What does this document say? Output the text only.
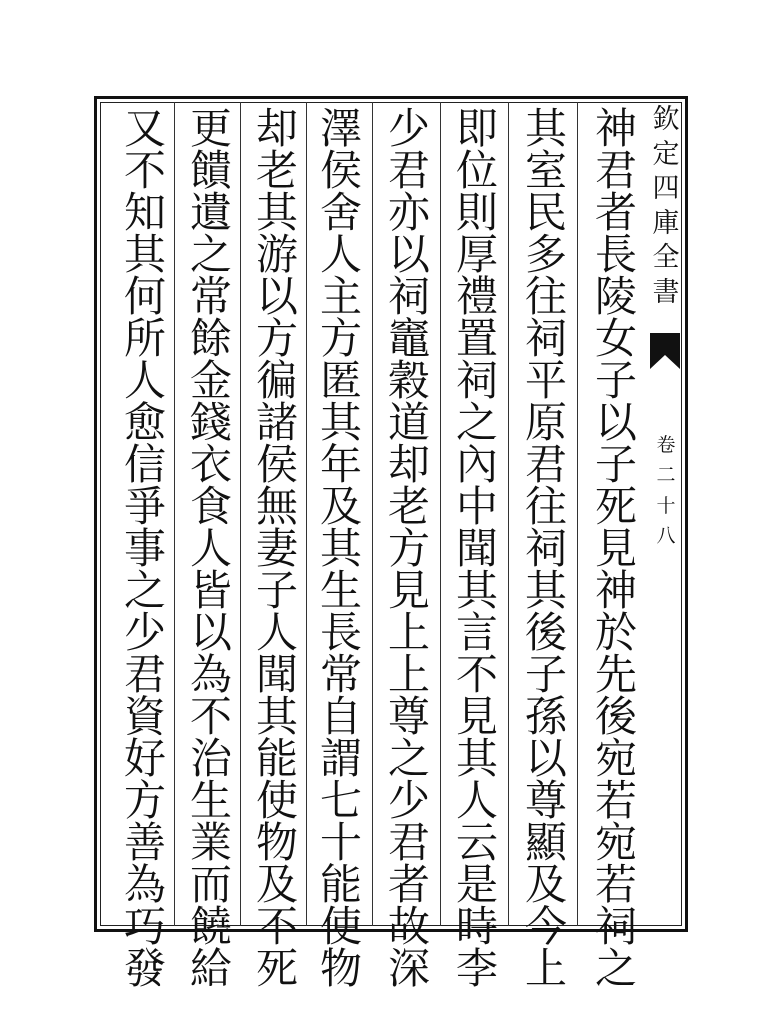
欽
定
四
庫
全
書
卷
二
十
八
神
君
者
長
陵
女
子
以
子
死
見
神
於
先
後
宛
若
宛
若
祠
之
其
室
民
多
往
祠
平
原
君
往
祠
其
後
子
孫
以
尊
顯
及
今
上
即
位
則
厚
禮
置
祠
之
內
中
聞
其
言
不
見
其
人
云
是
時
李
少
君
亦
以
祠
竈
穀
道
却
老
方
見
上
上
尊
之
少
君
者
故
深
澤
侯
舍
人
主
方
匿
其
年
及
其
生
長
常
自
謂
七
十
能
使
物
却
老
其
游
以
方
徧
諸
侯
無
妻
子
人
聞
其
能
使
物
及
不
死
更
饋
遺
之
常
餘
金
錢
衣
食
人
皆
以
為
不
治
生
業
而
饒
給
又
不
知
其
何
所
人
愈
信
爭
事
之
少
君
資
好
方
善
為
巧
發
